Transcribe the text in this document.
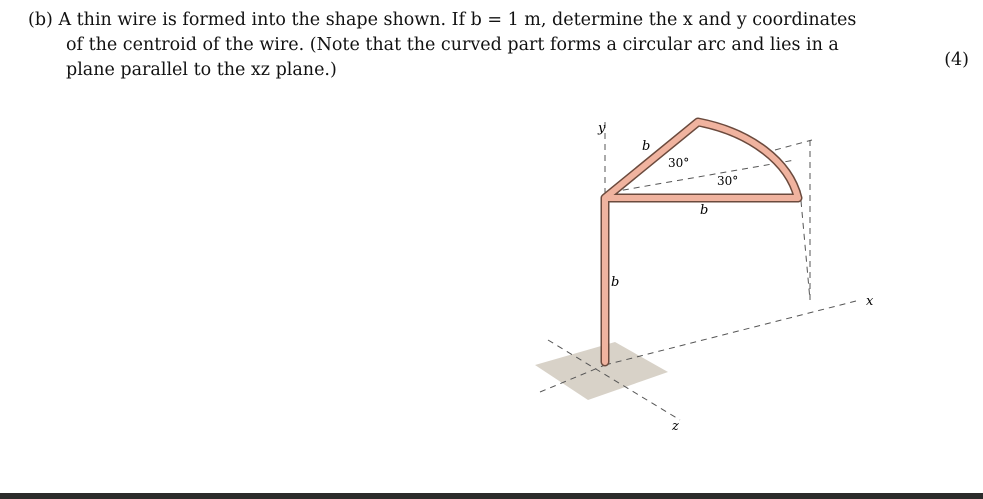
(b) A thin wire is formed into the shape shown. If b = 1 m, determine the x and y coordinates
of the centroid of the wire. (Note that the curved part forms a circular arc and lies in a
plane parallel to the xz plane.)	(4)
y
x
z
b
b
b
30°
30°
